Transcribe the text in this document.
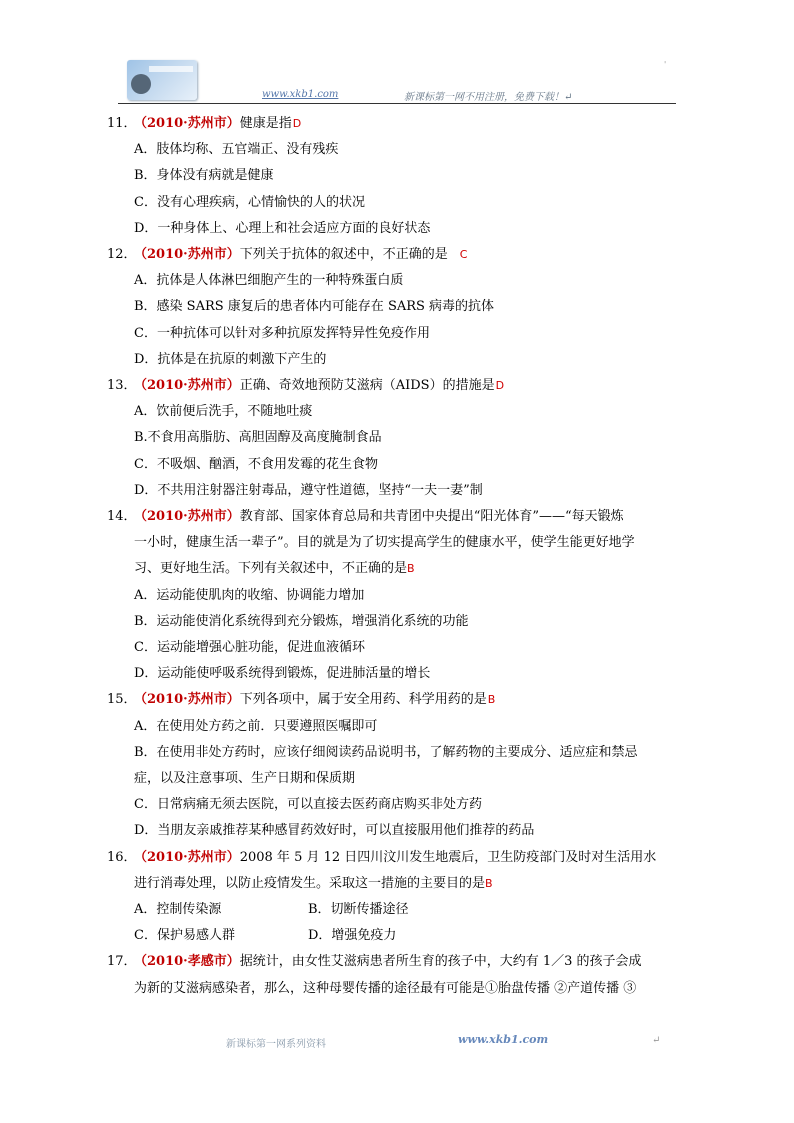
'
www.xkb1.com	新课标第一网不用注册，免费下载！↵
11．
（2010·苏州市）健康是指D
A．肢体均称、五官端正、没有残疾
B．身体没有病就是健康
C．没有心理疾病，心情愉快的人的状况
D．一种身体上、心理上和社会适应方面的良好状态
12．
（2010·苏州市）下列关于抗体的叙述中，不正确的是 C
A．抗体是人体淋巴细胞产生的一种特殊蛋白质
B．感染 SARS 康复后的患者体内可能存在 SARS 病毒的抗体
C．一种抗体可以针对多种抗原发挥特异性免疫作用
D．抗体是在抗原的刺激下产生的
13．
（2010·苏州市）正确、奇效地预防艾滋病（AIDS）的措施是D
A．饮前便后洗手，不随地吐痰
B.不食用高脂肪、高胆固醇及高度腌制食品
C．不吸烟、酗酒，不食用发霉的花生食物
D．不共用注射器注射毒品，遵守性道德，坚持“一夫一妻”制
14．
（2010·苏州市）教育部、国家体育总局和共青团中央提出“阳光体育”——“每天锻炼
一小时，健康生活一辈子”。目的就是为了切实提高学生的健康水平，使学生能更好地学
习、更好地生活。下列有关叙述中，不正确的是B
A．运动能使肌肉的收缩、协调能力增加
B．运动能使消化系统得到充分锻炼，增强消化系统的功能
C．运动能增强心脏功能，促进血液循环
D．运动能使呼吸系统得到锻炼，促进肺活量的增长
15．
（2010·苏州市）下列各项中，属于安全用药、科学用药的是B
A．在使用处方药之前．只要遵照医嘱即可
B．在使用非处方药时，应该仔细阅读药品说明书，了解药物的主要成分、适应症和禁忌
症，以及注意事项、生产日期和保质期
C．日常病痛无须去医院，可以直接去医药商店购买非处方药
D．当朋友亲戚推荐某种感冒药效好时，可以直接服用他们推荐的药品
16．
（2010·苏州市）2008 年 5 月 12 日四川汶川发生地震后，卫生防疫部门及时对生活用水
进行消毒处理，以防止疫情发生。采取这一措施的主要目的是B
A．控制传染源	B．切断传播途径
C．保护易感人群	D．增强免疫力
17．
（2010·孝感市）据统计，由女性艾滋病患者所生育的孩子中，大约有 1／3 的孩子会成
为新的艾滋病感染者，那么，这种母婴传播的途径最有可能是①胎盘传播 ②产道传播 ③
新课标第一网系列资料	www.xkb1.com	↵
